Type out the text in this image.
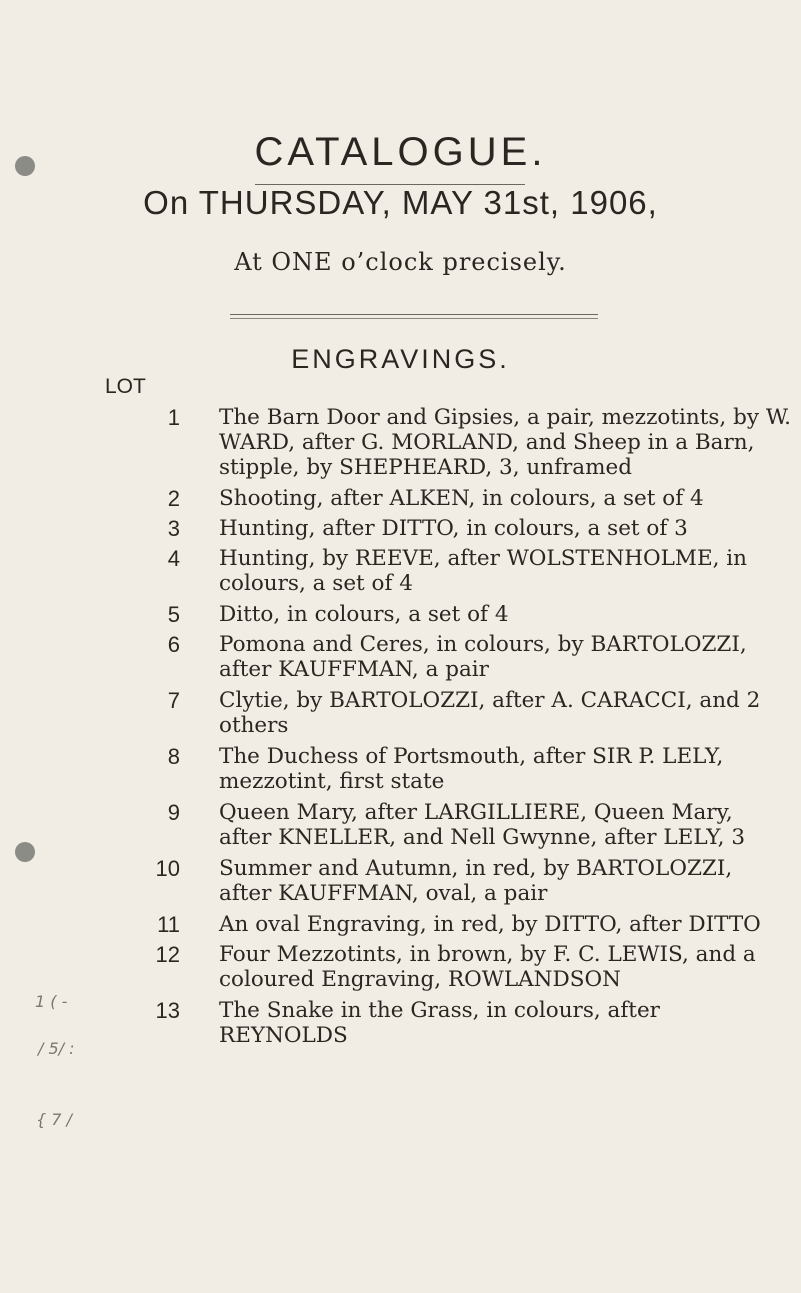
CATALOGUE.
On THURSDAY, MAY 31st, 1906,
At ONE o’clock precisely.
ENGRAVINGS.
LOT
1 ( -
/ 5/ :
{ 7 /
1 The Barn Door and Gipsies, a pair, mezzotints, by W. WARD, after G. MORLAND, and Sheep in a Barn, stipple, by SHEPHEARD, 3, unframed
2 Shooting, after ALKEN, in colours, a set of 4
3 Hunting, after DITTO, in colours, a set of 3
4 Hunting, by REEVE, after WOLSTENHOLME, in colours, a set of 4
5 Ditto, in colours, a set of 4
6 Pomona and Ceres, in colours, by BARTOLOZZI, after KAUFFMAN, a pair
7 Clytie, by BARTOLOZZI, after A. CARACCI, and 2 others
8 The Duchess of Portsmouth, after SIR P. LELY, mezzotint, first state
9 Queen Mary, after LARGILLIERE, Queen Mary, after KNELLER, and Nell Gwynne, after LELY, 3
10 Summer and Autumn, in red, by BARTOLOZZI, after KAUFFMAN, oval, a pair
11 An oval Engraving, in red, by DITTO, after DITTO
12 Four Mezzotints, in brown, by F. C. LEWIS, and a coloured Engraving, ROWLANDSON
13 The Snake in the Grass, in colours, after REYNOLDS
